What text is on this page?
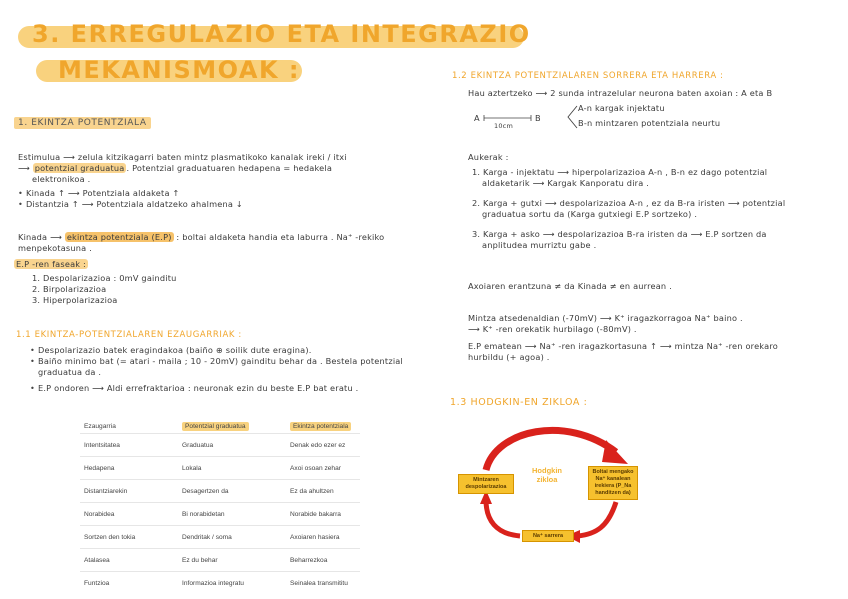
3. ERREGULAZIO ETA INTEGRAZIO
MEKANISMOAK :
1. EKINTZA POTENTZIALA
Estimulua ⟶ zelula kitzikagarri baten mintz plasmatikoko kanalak ireki / itxi
⟶ potentzial graduatua . Potentzial graduatuaren hedapena = hedakela
elektronikoa .
• Kinada ↑ ⟶ Potentziala aldaketa ↑
• Distantzia ↑ ⟶ Potentziala aldatzeko ahalmena ↓
Kinada ⟶ ekintza potentziala (E.P) : boltai aldaketa handia eta laburra . Na⁺ -rekiko
menpekotasuna .
E.P -ren faseak :
1. Despolarizazioa : 0mV gainditu
2. Birpolarizazioa
3. Hiperpolarizazioa
1.1 EKINTZA-POTENTZIALAREN EZAUGARRIAK :
• Despolarizazio batek eragindakoa (baiño ⊕ soilik dute eragina).
• Baiño minimo bat (= atari - maila ; 10 - 20mV) gainditu behar da . Bestela potentzial
graduatua da .
• E.P ondoren ⟶ Aldi errefraktarioa : neuronak ezin du beste E.P bat eratu .
Ezaugarria	Potentzial graduatua	Ekintza potentziala
Intentsitatea	Graduatua	Denak edo ezer ez
Hedapena	Lokala	Axoi osoan zehar
Distantziarekin	Desagertzen da	Ez da ahultzen
Norabidea	Bi norabidetan	Norabide bakarra
Sortzen den tokia	Dendritak / soma	Axoiaren hasiera
Atalasea	Ez du behar	Beharrezkoa
Funtzioa	Informazioa integratu	Seinalea transmititu
1.2 EKINTZA POTENTZIALAREN SORRERA ETA HARRERA :
Hau aztertzeko ⟶ 2 sunda intrazelular neurona baten axoian : A eta B
A	B
10cm
A-n kargak injektatu
B-n mintzaren potentziala neurtu
Aukerak :
1. Karga - injektatu ⟶ hiperpolarizazioa A-n , B-n ez dago potentzial
aldaketarik ⟶ Kargak Kanporatu dira .
2. Karga + gutxi ⟶ despolarizazioa A-n , ez da B-ra iristen ⟶ potentzial
graduatua sortu da (Karga gutxiegi E.P sortzeko) .
3. Karga + asko ⟶ despolarizazioa B-ra iristen da ⟶ E.P sortzen da
anplitudea murriztu gabe .
Axoiaren erantzuna ≠ da Kinada ≠ en aurrean .
Mintza atsedenaldian (-70mV) ⟶ K⁺ iragazkorragoa Na⁺ baino .
⟶ K⁺ -ren orekatik hurbilago (-80mV) .
E.P ematean ⟶ Na⁺ -ren iragazkortasuna ↑ ⟶ mintza Na⁺ -ren orekaro
hurbildu (+ agoa) .
1.3 HODGKIN-EN ZIKLOA :
Hodgkin
zikloa
Mintzaren
despolarizazioa
Boltai mengako
Na⁺ kanalean
irekiera (P_Na
handitzen da)
Na⁺ sarrera
